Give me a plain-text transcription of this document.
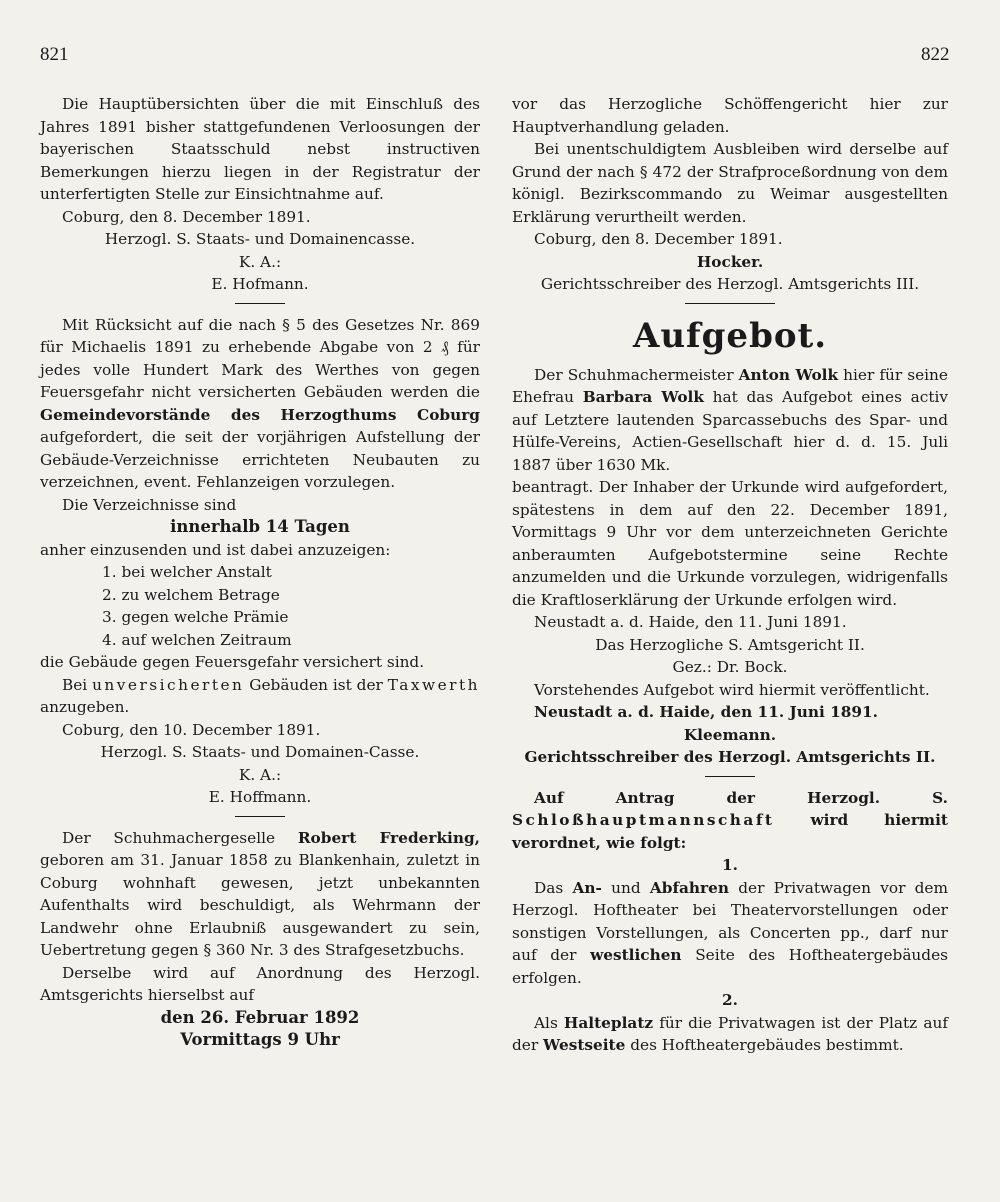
821	822

Die Hauptübersichten über die mit Einschluß des Jahres 1891 bisher stattgefundenen Verloosungen der bayerischen Staatsschuld nebst instructiven Bemerkungen hierzu liegen in der Registratur der unterfertigten Stelle zur Einsichtnahme auf.

Coburg, den 8. December 1891.

Herzogl. S. Staats- und Domainencasse.

K. A.:

E. Hofmann.

Mit Rücksicht auf die nach § 5 des Gesetzes Nr. 869 für Michaelis 1891 zu erhebende Abgabe von 2 ₰ für jedes volle Hundert Mark des Werthes von gegen Feuersgefahr nicht versicherten Gebäuden werden die Gemeindevorstände des Herzogthums Coburg aufgefordert, die seit der vorjährigen Aufstellung der Gebäude-Verzeichnisse errichteten Neubauten zu verzeichnen, event. Fehlanzeigen vorzulegen.

Die Verzeichnisse sind

innerhalb 14 Tagen

anher einzusenden und ist dabei anzuzeigen:

1. bei welcher Anstalt
2. zu welchem Betrage
3. gegen welche Prämie
4. auf welchen Zeitraum

die Gebäude gegen Feuersgefahr versichert sind.

Bei unversicherten Gebäuden ist der Taxwerth anzugeben.

Coburg, den 10. December 1891.

Herzogl. S. Staats- und Domainen-Casse.

K. A.:

E. Hoffmann.

Der Schuhmachergeselle Robert Frederking, geboren am 31. Januar 1858 zu Blankenhain, zuletzt in Coburg wohnhaft gewesen, jetzt unbekannten Aufenthalts wird beschuldigt, als Wehrmann der Landwehr ohne Erlaubniß ausgewandert zu sein, Uebertretung gegen § 360 Nr. 3 des Strafgesetzbuchs.

Derselbe wird auf Anordnung des Herzogl. Amtsgerichts hierselbst auf

den 26. Februar 1892

Vormittags 9 Uhr

vor das Herzogliche Schöffengericht hier zur Hauptverhandlung geladen.

Bei unentschuldigtem Ausbleiben wird derselbe auf Grund der nach § 472 der Strafproceßordnung von dem königl. Bezirkscommando zu Weimar ausgestellten Erklärung verurtheilt werden.

Coburg, den 8. December 1891.

Hocker.

Gerichtsschreiber des Herzogl. Amtsgerichts III.

Aufgebot.

Der Schuhmachermeister Anton Wolk hier für seine Ehefrau Barbara Wolk hat das Aufgebot eines activ auf Letztere lautenden Sparcassebuchs des Spar- und Hülfe-Vereins, Actien-Gesellschaft hier d. d. 15. Juli 1887 über 1630 Mk.

beantragt. Der Inhaber der Urkunde wird aufgefordert, spätestens in dem auf den 22. December 1891, Vormittags 9 Uhr vor dem unterzeichneten Gerichte anberaumten Aufgebotstermine seine Rechte anzumelden und die Urkunde vorzulegen, widrigenfalls die Kraftloserklärung der Urkunde erfolgen wird.

Neustadt a. d. Haide, den 11. Juni 1891.

Das Herzogliche S. Amtsgericht II.

Gez.: Dr. Bock.

Vorstehendes Aufgebot wird hiermit veröffentlicht.

Neustadt a. d. Haide, den 11. Juni 1891.

Kleemann.

Gerichtsschreiber des Herzogl. Amtsgerichts II.

Auf Antrag der Herzogl. S. Schloßhauptmannschaft wird hiermit verordnet, wie folgt:

1.

Das An- und Abfahren der Privatwagen vor dem Herzogl. Hoftheater bei Theatervorstellungen oder sonstigen Vorstellungen, als Concerten pp., darf nur auf der westlichen Seite des Hoftheatergebäudes erfolgen.

2.

Als Halteplatz für die Privatwagen ist der Platz auf der Westseite des Hoftheatergebäudes bestimmt.
